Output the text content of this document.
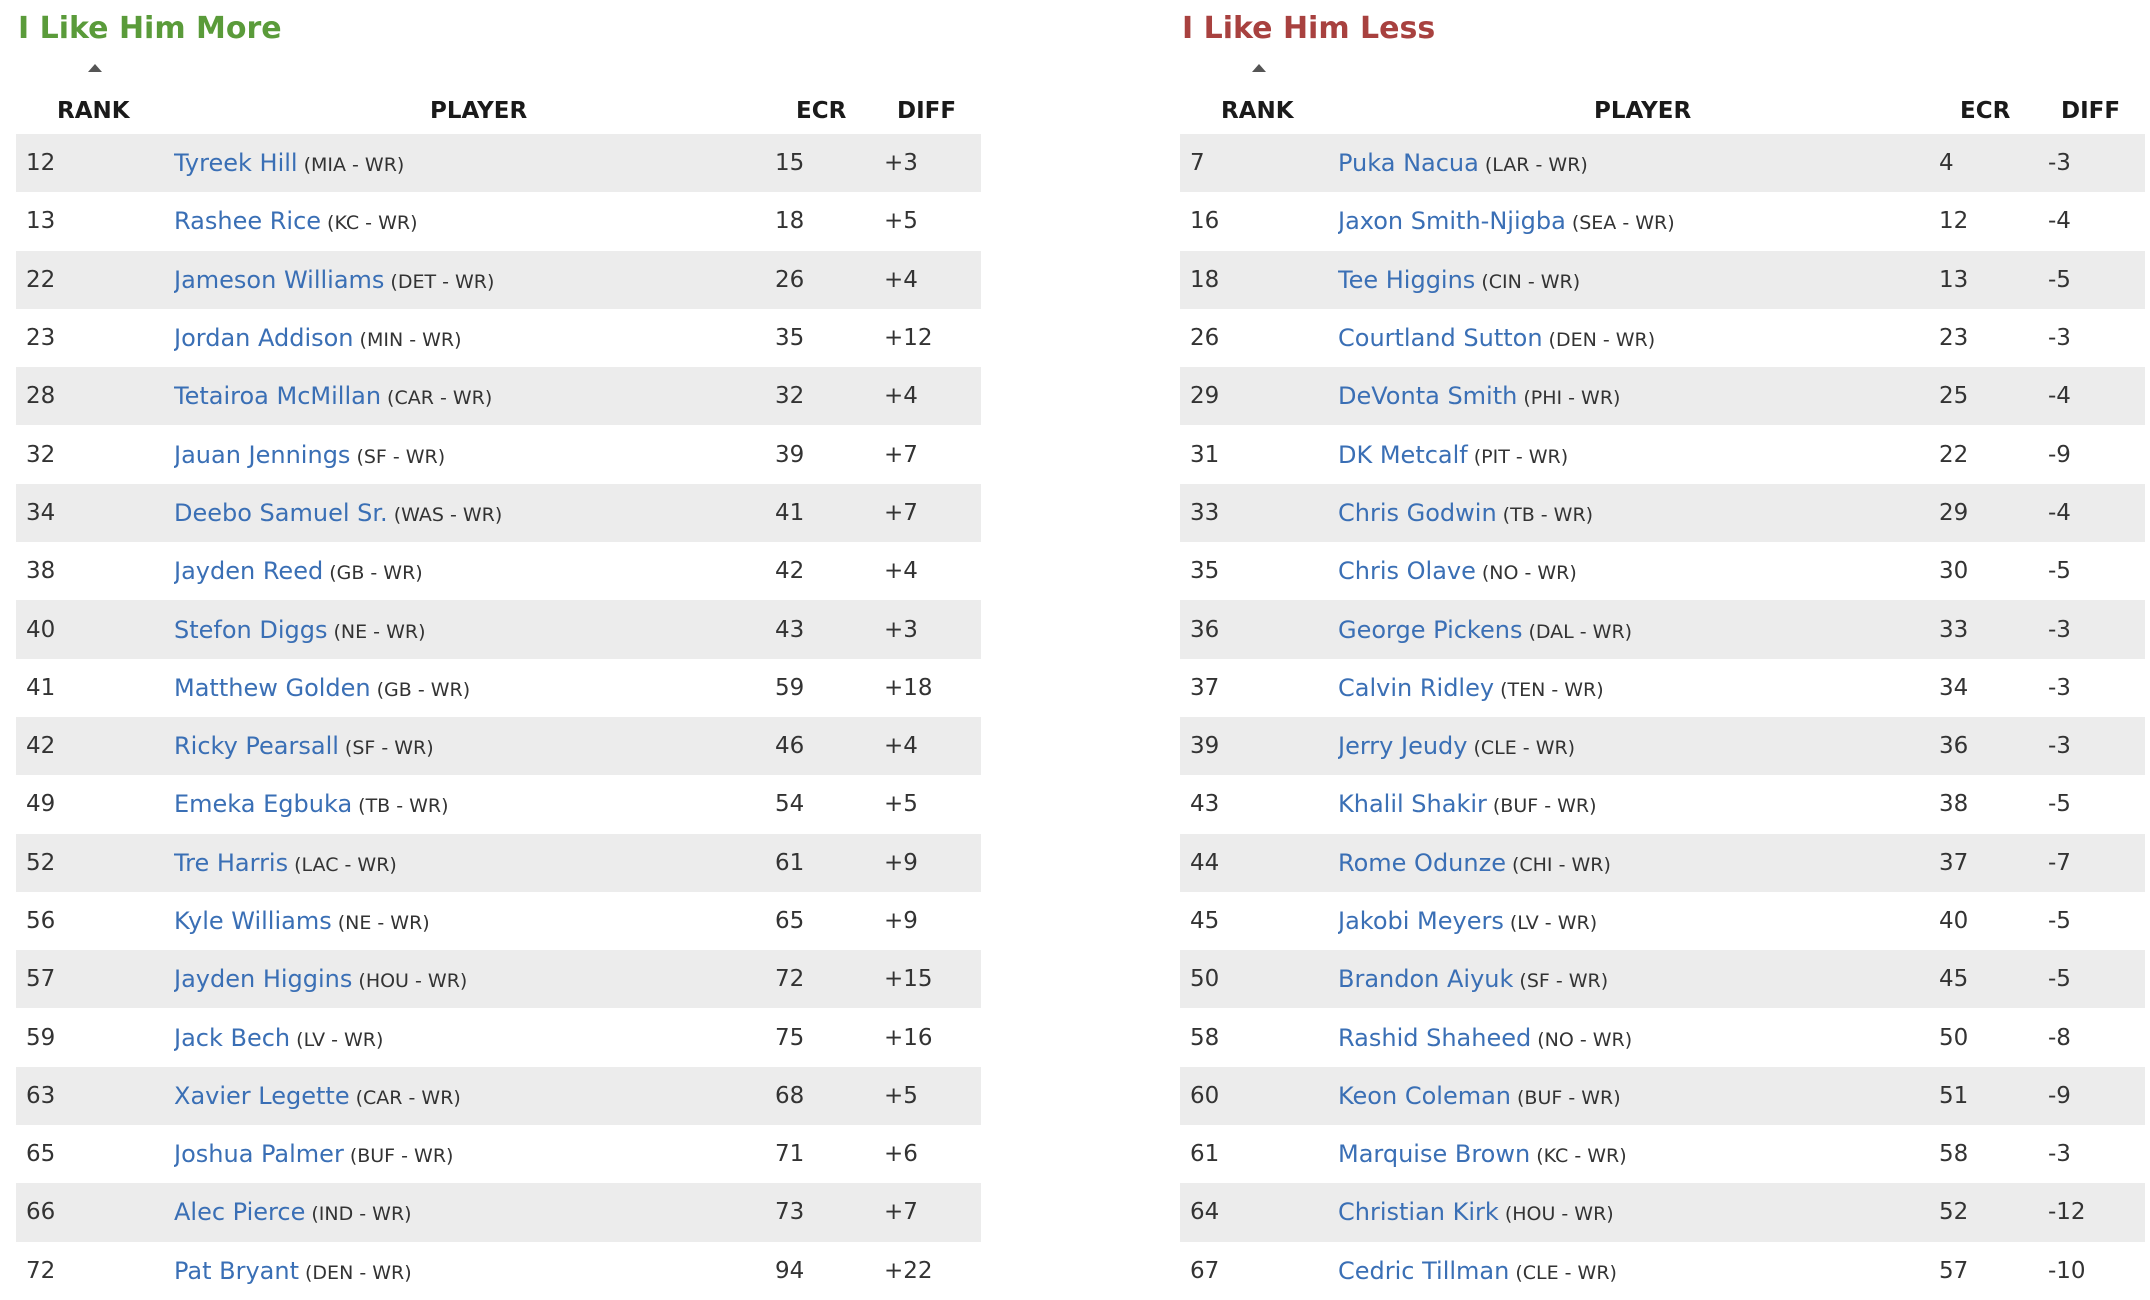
I Like Him More
RANK	PLAYER	ECR	DIFF
12	Tyreek Hill (MIA - WR)	15	+3
13	Rashee Rice (KC - WR)	18	+5
22	Jameson Williams (DET - WR)	26	+4
23	Jordan Addison (MIN - WR)	35	+12
28	Tetairoa McMillan (CAR - WR)	32	+4
32	Jauan Jennings (SF - WR)	39	+7
34	Deebo Samuel Sr. (WAS - WR)	41	+7
38	Jayden Reed (GB - WR)	42	+4
40	Stefon Diggs (NE - WR)	43	+3
41	Matthew Golden (GB - WR)	59	+18
42	Ricky Pearsall (SF - WR)	46	+4
49	Emeka Egbuka (TB - WR)	54	+5
52	Tre Harris (LAC - WR)	61	+9
56	Kyle Williams (NE - WR)	65	+9
57	Jayden Higgins (HOU - WR)	72	+15
59	Jack Bech (LV - WR)	75	+16
63	Xavier Legette (CAR - WR)	68	+5
65	Joshua Palmer (BUF - WR)	71	+6
66	Alec Pierce (IND - WR)	73	+7
72	Pat Bryant (DEN - WR)	94	+22
I Like Him Less
RANK	PLAYER	ECR	DIFF
7	Puka Nacua (LAR - WR)	4	-3
16	Jaxon Smith-Njigba (SEA - WR)	12	-4
18	Tee Higgins (CIN - WR)	13	-5
26	Courtland Sutton (DEN - WR)	23	-3
29	DeVonta Smith (PHI - WR)	25	-4
31	DK Metcalf (PIT - WR)	22	-9
33	Chris Godwin (TB - WR)	29	-4
35	Chris Olave (NO - WR)	30	-5
36	George Pickens (DAL - WR)	33	-3
37	Calvin Ridley (TEN - WR)	34	-3
39	Jerry Jeudy (CLE - WR)	36	-3
43	Khalil Shakir (BUF - WR)	38	-5
44	Rome Odunze (CHI - WR)	37	-7
45	Jakobi Meyers (LV - WR)	40	-5
50	Brandon Aiyuk (SF - WR)	45	-5
58	Rashid Shaheed (NO - WR)	50	-8
60	Keon Coleman (BUF - WR)	51	-9
61	Marquise Brown (KC - WR)	58	-3
64	Christian Kirk (HOU - WR)	52	-12
67	Cedric Tillman (CLE - WR)	57	-10
